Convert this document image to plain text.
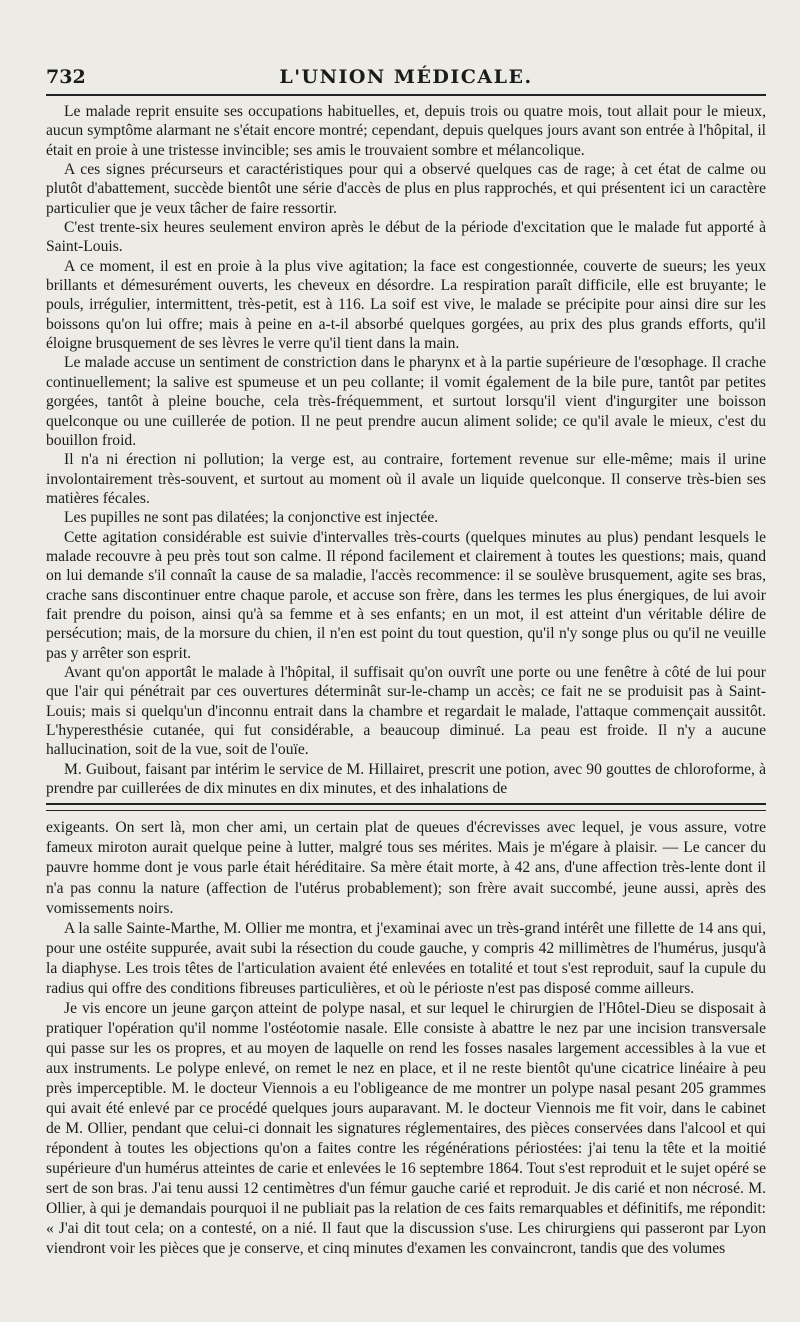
732	L'UNION MÉDICALE.

Le malade reprit ensuite ses occupations habituelles, et, depuis trois ou quatre mois, tout allait pour le mieux, aucun symptôme alarmant ne s'était encore montré; cependant, depuis quelques jours avant son entrée à l'hôpital, il était en proie à une tristesse invincible; ses amis le trouvaient sombre et mélancolique.

A ces signes précurseurs et caractéristiques pour qui a observé quelques cas de rage; à cet état de calme ou plutôt d'abattement, succède bientôt une série d'accès de plus en plus rapprochés, et qui présentent ici un caractère particulier que je veux tâcher de faire ressortir.

C'est trente-six heures seulement environ après le début de la période d'excitation que le malade fut apporté à Saint-Louis.

A ce moment, il est en proie à la plus vive agitation; la face est congestionnée, couverte de sueurs; les yeux brillants et démesurément ouverts, les cheveux en désordre. La respiration paraît difficile, elle est bruyante; le pouls, irrégulier, intermittent, très-petit, est à 116. La soif est vive, le malade se précipite pour ainsi dire sur les boissons qu'on lui offre; mais à peine en a-t-il absorbé quelques gorgées, au prix des plus grands efforts, qu'il éloigne brusquement de ses lèvres le verre qu'il tient dans la main.

Le malade accuse un sentiment de constriction dans le pharynx et à la partie supérieure de l'œsophage. Il crache continuellement; la salive est spumeuse et un peu collante; il vomit également de la bile pure, tantôt par petites gorgées, tantôt à pleine bouche, cela très-fréquemment, et surtout lorsqu'il vient d'ingurgiter une boisson quelconque ou une cuillerée de potion. Il ne peut prendre aucun aliment solide; ce qu'il avale le mieux, c'est du bouillon froid.

Il n'a ni érection ni pollution; la verge est, au contraire, fortement revenue sur elle-même; mais il urine involontairement très-souvent, et surtout au moment où il avale un liquide quelconque. Il conserve très-bien ses matières fécales.

Les pupilles ne sont pas dilatées; la conjonctive est injectée.

Cette agitation considérable est suivie d'intervalles très-courts (quelques minutes au plus) pendant lesquels le malade recouvre à peu près tout son calme. Il répond facilement et clairement à toutes les questions; mais, quand on lui demande s'il connaît la cause de sa maladie, l'accès recommence: il se soulève brusquement, agite ses bras, crache sans discontinuer entre chaque parole, et accuse son frère, dans les termes les plus énergiques, de lui avoir fait prendre du poison, ainsi qu'à sa femme et à ses enfants; en un mot, il est atteint d'un véritable délire de persécution; mais, de la morsure du chien, il n'en est point du tout question, qu'il n'y songe plus ou qu'il ne veuille pas y arrêter son esprit.

Avant qu'on apportât le malade à l'hôpital, il suffisait qu'on ouvrît une porte ou une fenêtre à côté de lui pour que l'air qui pénétrait par ces ouvertures déterminât sur-le-champ un accès; ce fait ne se produisit pas à Saint-Louis; mais si quelqu'un d'inconnu entrait dans la chambre et regardait le malade, l'attaque commençait aussitôt. L'hyperesthésie cutanée, qui fut considérable, a beaucoup diminué. La peau est froide. Il n'y a aucune hallucination, soit de la vue, soit de l'ouïe.

M. Guibout, faisant par intérim le service de M. Hillairet, prescrit une potion, avec 90 gouttes de chloroforme, à prendre par cuillerées de dix minutes en dix minutes, et des inhalations de

exigeants. On sert là, mon cher ami, un certain plat de queues d'écrevisses avec lequel, je vous assure, votre fameux miroton aurait quelque peine à lutter, malgré tous ses mérites. Mais je m'égare à plaisir. — Le cancer du pauvre homme dont je vous parle était héréditaire. Sa mère était morte, à 42 ans, d'une affection très-lente dont il n'a pas connu la nature (affection de l'utérus probablement); son frère avait succombé, jeune aussi, après des vomissements noirs.

A la salle Sainte-Marthe, M. Ollier me montra, et j'examinai avec un très-grand intérêt une fillette de 14 ans qui, pour une ostéite suppurée, avait subi la résection du coude gauche, y compris 42 millimètres de l'humérus, jusqu'à la diaphyse. Les trois têtes de l'articulation avaient été enlevées en totalité et tout s'est reproduit, sauf la cupule du radius qui offre des conditions fibreuses particulières, et où le périoste n'est pas disposé comme ailleurs.

Je vis encore un jeune garçon atteint de polype nasal, et sur lequel le chirurgien de l'Hôtel-Dieu se disposait à pratiquer l'opération qu'il nomme l'ostéotomie nasale. Elle consiste à abattre le nez par une incision transversale qui passe sur les os propres, et au moyen de laquelle on rend les fosses nasales largement accessibles à la vue et aux instruments. Le polype enlevé, on remet le nez en place, et il ne reste bientôt qu'une cicatrice linéaire à peu près imperceptible. M. le docteur Viennois a eu l'obligeance de me montrer un polype nasal pesant 205 grammes qui avait été enlevé par ce procédé quelques jours auparavant. M. le docteur Viennois me fit voir, dans le cabinet de M. Ollier, pendant que celui-ci donnait les signatures réglementaires, des pièces conservées dans l'alcool et qui répondent à toutes les objections qu'on a faites contre les régénérations périostées: j'ai tenu la tête et la moitié supérieure d'un humérus atteintes de carie et enlevées le 16 septembre 1864. Tout s'est reproduit et le sujet opéré se sert de son bras. J'ai tenu aussi 12 centimètres d'un fémur gauche carié et reproduit. Je dis carié et non nécrosé. M. Ollier, à qui je demandais pourquoi il ne publiait pas la relation de ces faits remarquables et définitifs, me répondit: « J'ai dit tout cela; on a contesté, on a nié. Il faut que la discussion s'use. Les chirurgiens qui passeront par Lyon viendront voir les pièces que je conserve, et cinq minutes d'examen les convaincront, tandis que des volumes
